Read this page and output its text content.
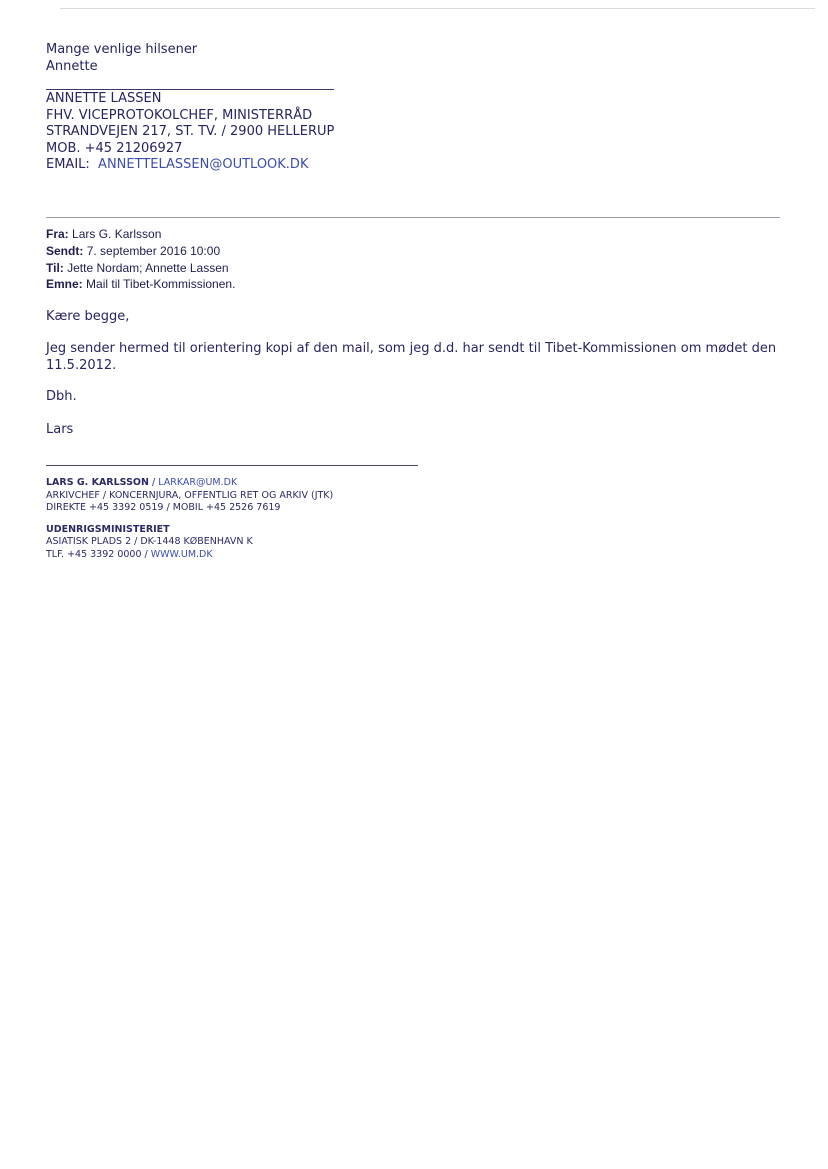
Mange venlige hilsener
Annette
ANNETTE LASSEN
FHV. VICEPROTOKOLCHEF, MINISTERRÅD
STRANDVEJEN 217, ST. TV. / 2900 HELLERUP
MOB. +45 21206927
EMAIL: ANNETTELASSEN@OUTLOOK.DK
Fra: Lars G. Karlsson
Sendt: 7. september 2016 10:00
Til: Jette Nordam; Annette Lassen
Emne: Mail til Tibet-Kommissionen.
Kære begge,
Jeg sender hermed til orientering kopi af den mail, som jeg d.d. har sendt til Tibet-Kommissionen om mødet den 11.5.2012.
Dbh.
Lars
LARS G. KARLSSON / LARKAR@UM.DK
ARKIVCHEF / KONCERNJURA, OFFENTLIG RET OG ARKIV (JTK)
DIREKTE +45 3392 0519 / MOBIL +45 2526 7619
UDENRIGSMINISTERIET
ASIATISK PLADS 2 / DK-1448 KØBENHAVN K
TLF. +45 3392 0000 / WWW.UM.DK
